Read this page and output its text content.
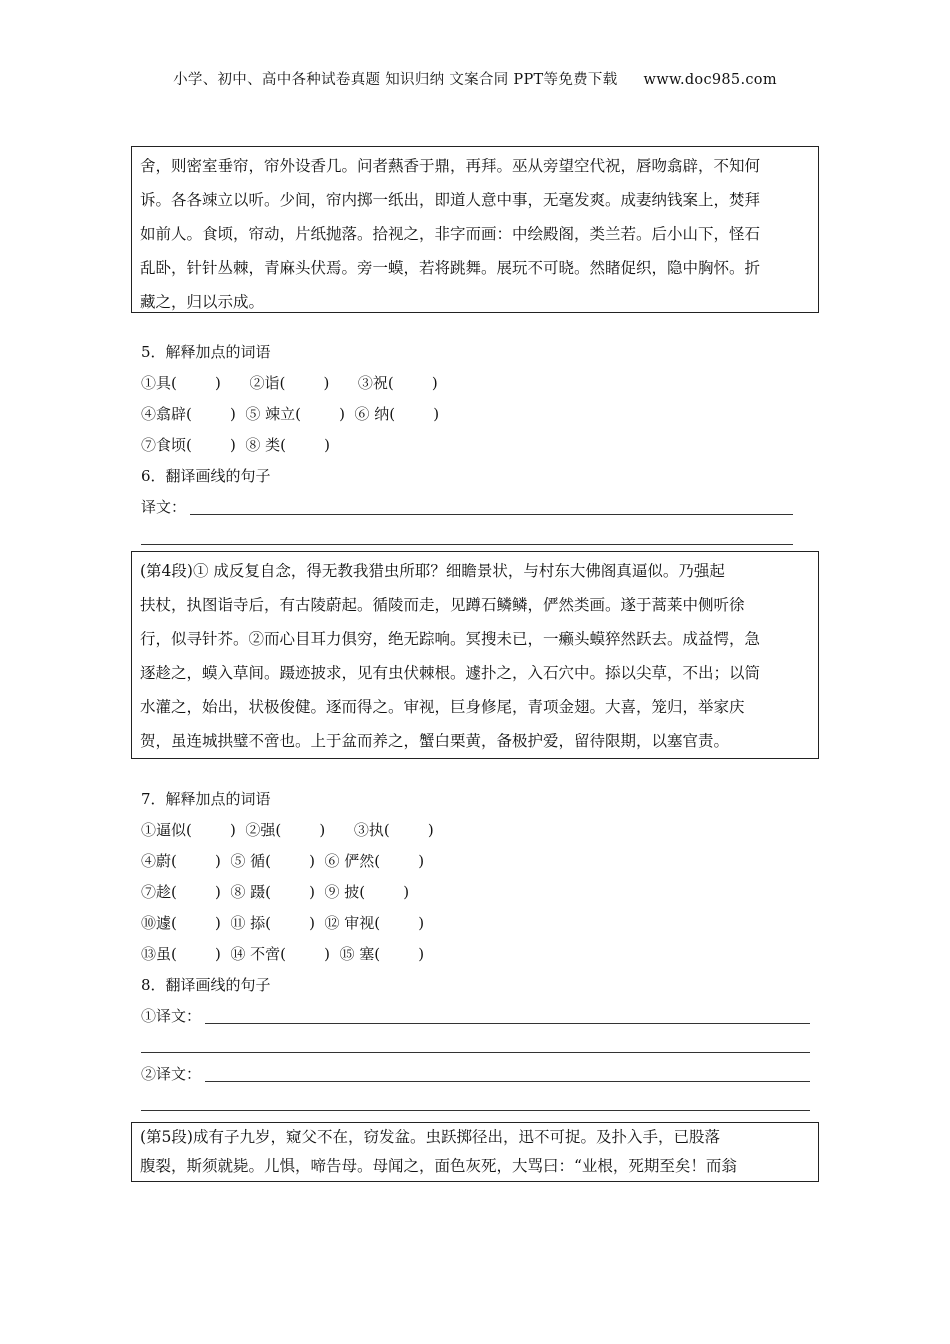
小学、初中、高中各种试卷真题 知识归纳 文案合同 PPT等免费下载 www.doc985.com
舍，则密室垂帘，帘外设香几。问者爇香于鼎，再拜。巫从旁望空代祝，唇吻翕辟，不知何
诉。各各竦立以听。少间，帘内掷一纸出，即道人意中事，无毫发爽。成妻纳钱案上，焚拜
如前人。食顷，帘动，片纸抛落。拾视之，非字而画：中绘殿阁，类兰若。后小山下，怪石
乱卧，针针丛棘，青麻头伏焉。旁一蟆，若将跳舞。展玩不可晓。然睹促织，隐中胸怀。折
藏之，归以示成。
5．解释加点的词语
①具(        )      ②诣(        )      ③祝(        )
④翕辟(        )  ⑤ 竦立(        )  ⑥ 纳(        )
⑦食顷(        )  ⑧ 类(        )
6．翻译画线的句子
译文：
(第4段)① 成反复自念，得无教我猎虫所耶？细瞻景状，与村东大佛阁真逼似。乃强起
扶杖，执图诣寺后，有古陵蔚起。循陵而走，见蹲石鳞鳞，俨然类画。遂于蒿莱中侧听徐
行，似寻针芥。②而心目耳力俱穷，绝无踪响。冥搜未已，一癞头蟆猝然跃去。成益愕，急
逐趁之，蟆入草间。蹑迹披求，见有虫伏棘根。遽扑之，入石穴中。掭以尖草，不出；以筒
水灌之，始出，状极俊健。逐而得之。审视，巨身修尾，青项金翅。大喜，笼归，举家庆
贺，虽连城拱璧不啻也。上于盆而养之，蟹白栗黄，备极护爱，留待限期，以塞官责。
7．解释加点的词语
①逼似(        )  ②强(        )      ③执(        )
④蔚(        )  ⑤ 循(        )  ⑥ 俨然(        )
⑦趁(        )  ⑧ 蹑(        )  ⑨ 披(        )
⑩遽(        )  ⑪ 掭(        )  ⑫ 审视(        )
⑬虽(        )  ⑭ 不啻(        )  ⑮ 塞(        )
8．翻译画线的句子
①译文：
②译文：
(第5段)成有子九岁，窥父不在，窃发盆。虫跃掷径出，迅不可捉。及扑入手，已股落
腹裂，斯须就毙。儿惧，啼告母。母闻之，面色灰死，大骂曰：“业根，死期至矣！而翁
